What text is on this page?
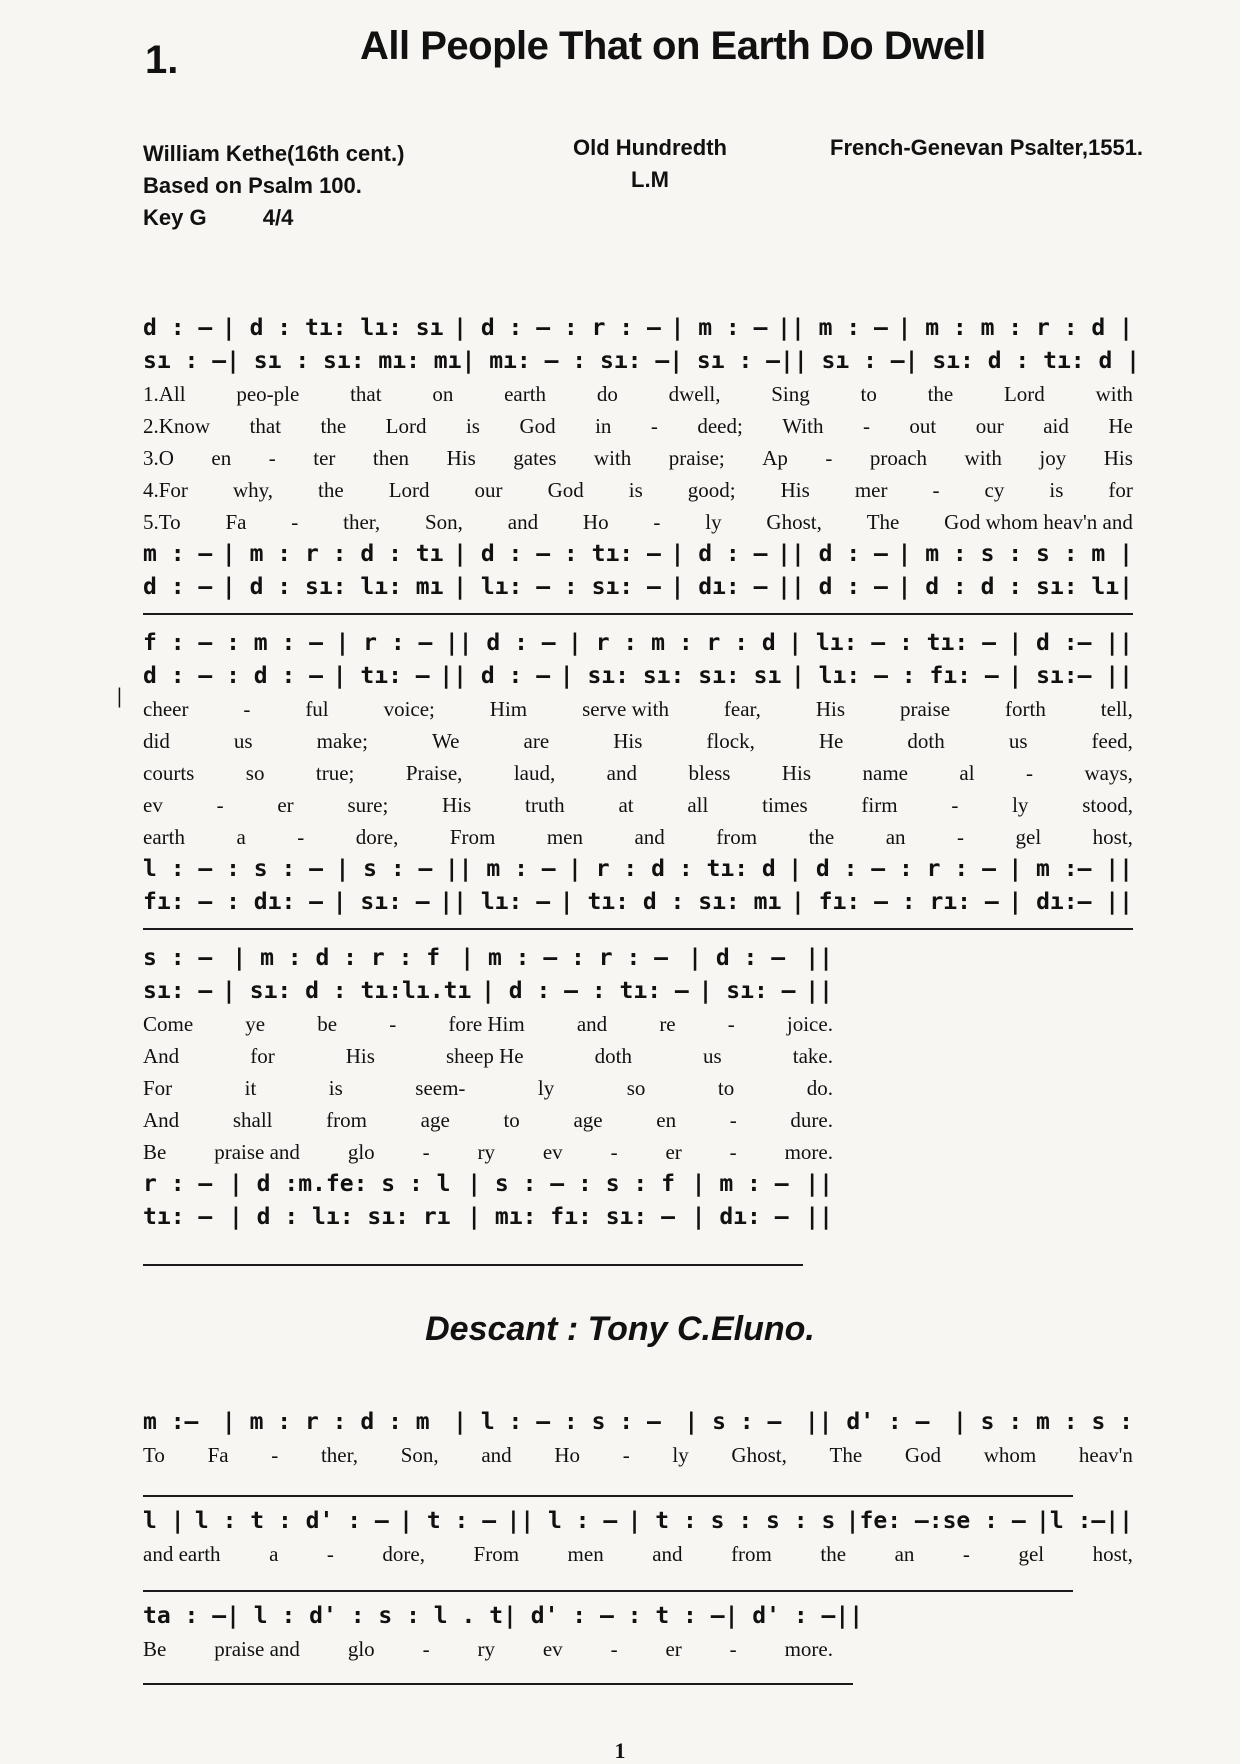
1.	All People That on Earth Do Dwell
William Kethe(16th cent.)
Based on Psalm 100.
Key G	4/4
Old Hundredth
L.M
French-Genevan Psalter,1551.
|
d : – | d : tı: lı: sı | d : – : r : – | m : – || m : – | m : m : r : d |
sı : – | sı : sı: mı: mı | mı: – : sı: – | sı : – || sı : – | sı: d : tı: d |
1.All peo-ple that on earth do dwell, Sing to the Lord with
2.Know that the Lord is God in - deed; With - out our aid He
3.O en - ter then His gates with praise; Ap - proach with joy His
4.For why, the Lord our God is good; His mer - cy is for
5.To Fa - ther, Son, and Ho - ly Ghost, The God whom heav'n and
m : – | m : r : d : tı | d : – : tı: – | d : – || d : – | m : s : s : m |
d : – | d : sı: lı: mı | lı: – : sı: – | dı: – || d : – | d : d : sı: lı|
f : – : m : – | r : – || d : – | r : m : r : d | lı: – : tı: – | d :– ||
d : – : d : – | tı: – || d : – | sı: sı: sı: sı | lı: – : fı: – | sı:– ||
cheer	-	ful	voice;	Him	serve with	fear,	His	praise	forth	tell,
did	us	make;	We	are	His	flock,	He	doth	us	feed,
courts so true; Praise, laud, and bless His name al - ways,
ev	-	er	sure;	His	truth	at	all	times	firm	-	ly	stood,
earth a - dore, From men and from the an - gel host,
l : – : s : – | s : – || m : – | r : d : tı: d | d : – : r : – | m :– ||
fı: – : dı: – | sı: – || lı: – | tı: d : sı: mı | fı: – : rı: – | dı:– ||
s : – | m : d : r : f | m : – : r : – | d : – ||
sı: – | sı: d : tı:lı.tı | d : – : tı: – | sı: – ||
Come ye be - fore Him and re - joice.
And	for	His	sheep He	doth	us	take.
For	it	is	seem-	ly	so	to	do.
And	shall	from	age	to	age	en	-	dure.
Be praise and glo - ry ev - er - more.
r : – | d :m.fe: s : l | s : – : s : f | m : – ||
tı: – | d : lı: sı: rı | mı: fı: sı: – | dı: – ||
Descant : Tony C.Eluno.
m :– | m : r : d : m | l : – : s : – | s : – || d' : – | s : m : s :
To Fa - ther, Son, and Ho - ly Ghost, The God whom heav'n
l | l : t : d' : – | t : – || l : – | t : s : s : s |fe: –:se : – |l :–||
and earth a - dore, From men and from the an - gel host,
ta : – | l : d' : s : l . t | d' : – : t : – | d' : – ||
Be praise and glo - ry ev - er - more.
1
